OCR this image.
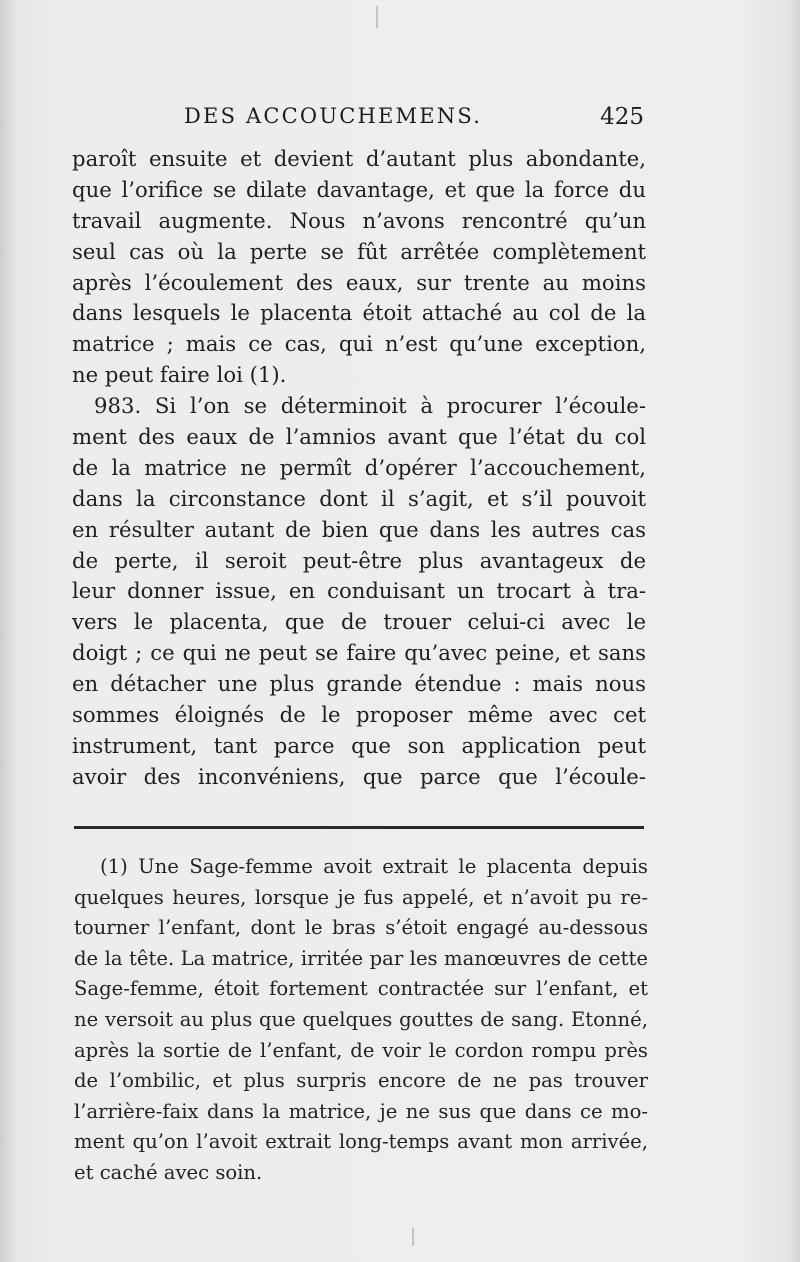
DES ACCOUCHEMENS.	425
paroît ensuite et devient d’autant plus abondante,
que l’orifice se dilate davantage, et que la force du
travail augmente. Nous n’avons rencontré qu’un
seul cas où la perte se fût arrêtée complètement
après l’écoulement des eaux, sur trente au moins
dans lesquels le placenta étoit attaché au col de la
matrice ; mais ce cas, qui n’est qu’une exception,
ne peut faire loi (1).
983. Si l’on se déterminoit à procurer l’écoule-
ment des eaux de l’amnios avant que l’état du col
de la matrice ne permît d’opérer l’accouchement,
dans la circonstance dont il s’agit, et s’il pouvoit
en résulter autant de bien que dans les autres cas
de perte, il seroit peut-être plus avantageux de
leur donner issue, en conduisant un trocart à tra-
vers le placenta, que de trouer celui-ci avec le
doigt ; ce qui ne peut se faire qu’avec peine, et sans
en détacher une plus grande étendue : mais nous
sommes éloignés de le proposer même avec cet
instrument, tant parce que son application peut
avoir des inconvéniens, que parce que l’écoule-
(1) Une Sage-femme avoit extrait le placenta depuis
quelques heures, lorsque je fus appelé, et n’avoit pu re-
tourner l’enfant, dont le bras s’étoit engagé au-dessous
de la tête. La matrice, irritée par les manœuvres de cette
Sage-femme, étoit fortement contractée sur l’enfant, et
ne versoit au plus que quelques gouttes de sang. Etonné,
après la sortie de l’enfant, de voir le cordon rompu près
de l’ombilic, et plus surpris encore de ne pas trouver
l’arrière-faix dans la matrice, je ne sus que dans ce mo-
ment qu’on l’avoit extrait long-temps avant mon arrivée,
et caché avec soin.
